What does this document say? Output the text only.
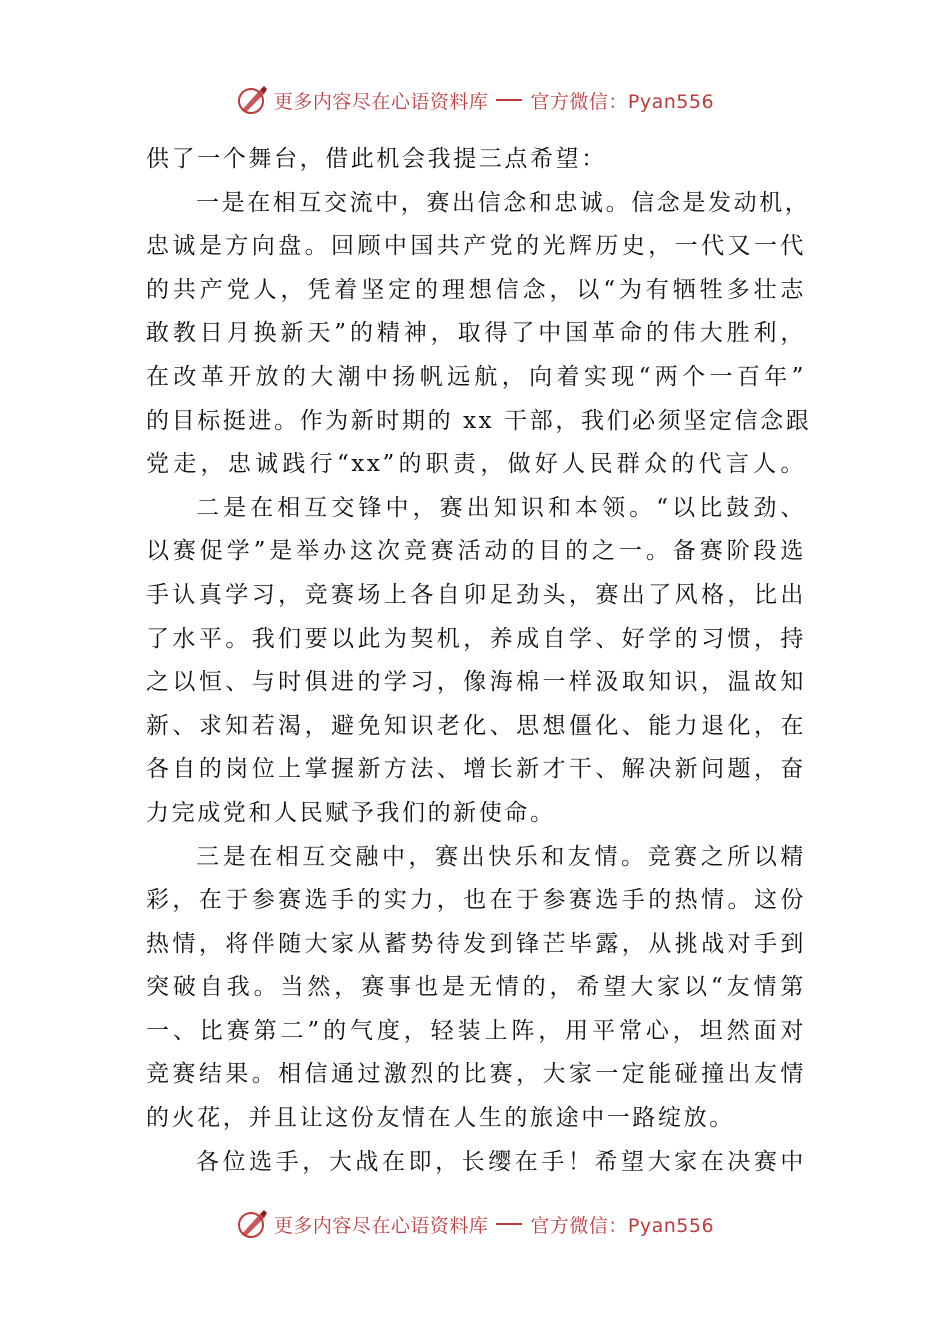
更多内容尽在心语资料库 官方微信：Pyan556
供了一个舞台，借此机会我提三点希望：
一是在相互交流中，赛出信念和忠诚。信念是发动机，
忠诚是方向盘。回顾中国共产党的光辉历史，一代又一代
的共产党人，凭着坚定的理想信念，以“为有牺牲多壮志
敢教日月换新天”的精神，取得了中国革命的伟大胜利，
在改革开放的大潮中扬帆远航，向着实现“两个一百年”
的目标挺进。作为新时期的 xx 干部，我们必须坚定信念跟
党走，忠诚践行“xx”的职责，做好人民群众的代言人。
二是在相互交锋中，赛出知识和本领。“以比鼓劲、
以赛促学”是举办这次竞赛活动的目的之一。备赛阶段选
手认真学习，竞赛场上各自卯足劲头，赛出了风格，比出
了水平。我们要以此为契机，养成自学、好学的习惯，持
之以恒、与时俱进的学习，像海棉一样汲取知识，温故知
新、求知若渴，避免知识老化、思想僵化、能力退化，在
各自的岗位上掌握新方法、增长新才干、解决新问题，奋
力完成党和人民赋予我们的新使命。
三是在相互交融中，赛出快乐和友情。竞赛之所以精
彩，在于参赛选手的实力，也在于参赛选手的热情。这份
热情，将伴随大家从蓄势待发到锋芒毕露，从挑战对手到
突破自我。当然，赛事也是无情的，希望大家以“友情第
一、比赛第二”的气度，轻装上阵，用平常心，坦然面对
竞赛结果。相信通过激烈的比赛，大家一定能碰撞出友情
的火花，并且让这份友情在人生的旅途中一路绽放。
各位选手，大战在即，长缨在手！希望大家在决赛中
更多内容尽在心语资料库 官方微信：Pyan556
